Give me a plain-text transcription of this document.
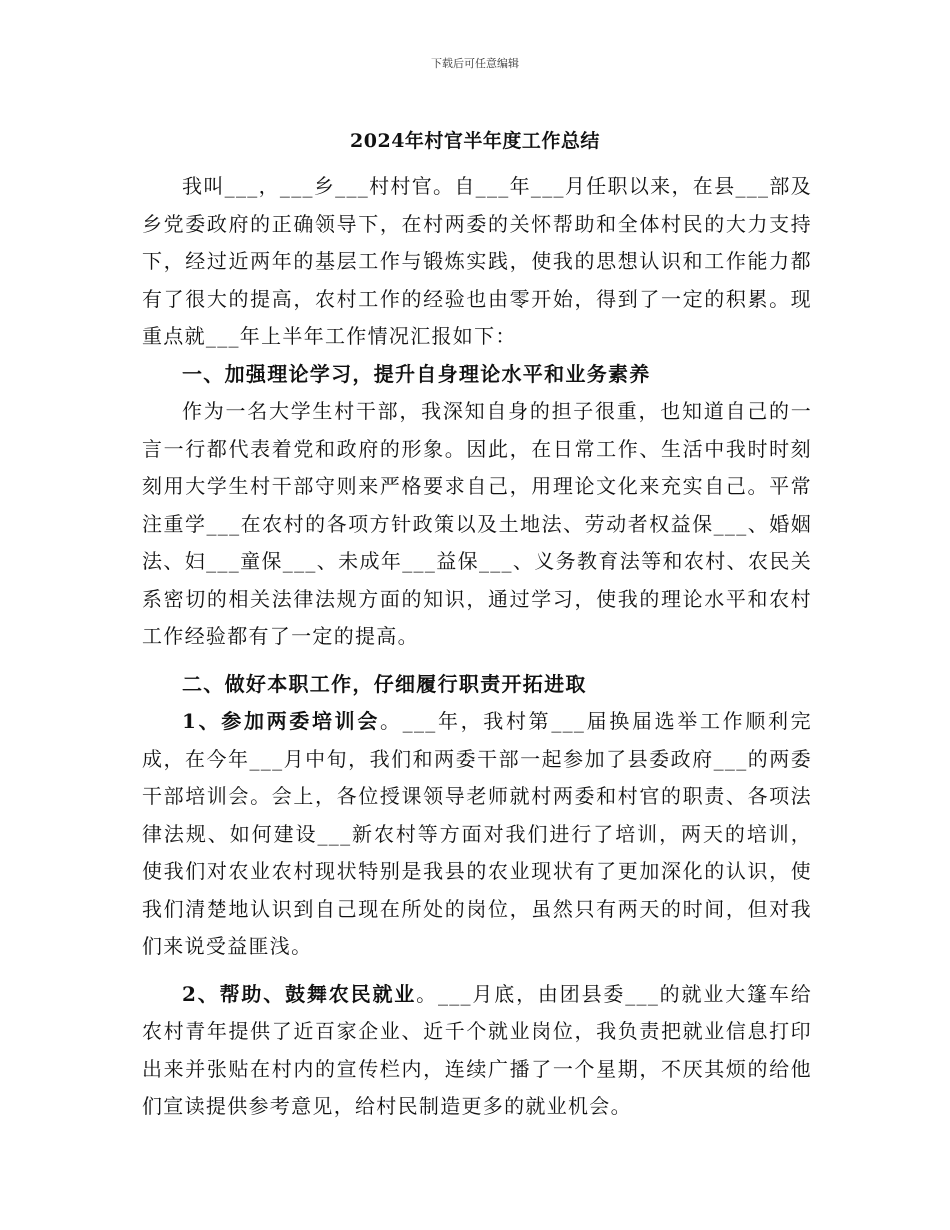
下载后可任意编辑
2024年村官半年度工作总结

我叫___，___乡___村村官。自___年___月任职以来，在县___部及乡党委政府的正确领导下，在村两委的关怀帮助和全体村民的大力支持下，经过近两年的基层工作与锻炼实践，使我的思想认识和工作能力都有了很大的提高，农村工作的经验也由零开始，得到了一定的积累。现重点就___年上半年工作情况汇报如下：

一、加强理论学习，提升自身理论水平和业务素养

作为一名大学生村干部，我深知自身的担子很重，也知道自己的一言一行都代表着党和政府的形象。因此，在日常工作、生活中我时时刻刻用大学生村干部守则来严格要求自己，用理论文化来充实自己。平常注重学___在农村的各项方针政策以及土地法、劳动者权益保___、婚姻法、妇___童保___、未成年___益保___、义务教育法等和农村、农民关系密切的相关法律法规方面的知识，通过学习，使我的理论水平和农村工作经验都有了一定的提高。

二、做好本职工作，仔细履行职责开拓进取

1、参加两委培训会。___年，我村第___届换届选举工作顺利完成，在今年___月中旬，我们和两委干部一起参加了县委政府___的两委干部培训会。会上，各位授课领导老师就村两委和村官的职责、各项法律法规、如何建设___新农村等方面对我们进行了培训，两天的培训，使我们对农业农村现状特别是我县的农业现状有了更加深化的认识，使我们清楚地认识到自己现在所处的岗位，虽然只有两天的时间，但对我们来说受益匪浅。

2、帮助、鼓舞农民就业。___月底，由团县委___的就业大篷车给农村青年提供了近百家企业、近千个就业岗位，我负责把就业信息打印出来并张贴在村内的宣传栏内，连续广播了一个星期，不厌其烦的给他们宣读提供参考意见，给村民制造更多的就业机会。
